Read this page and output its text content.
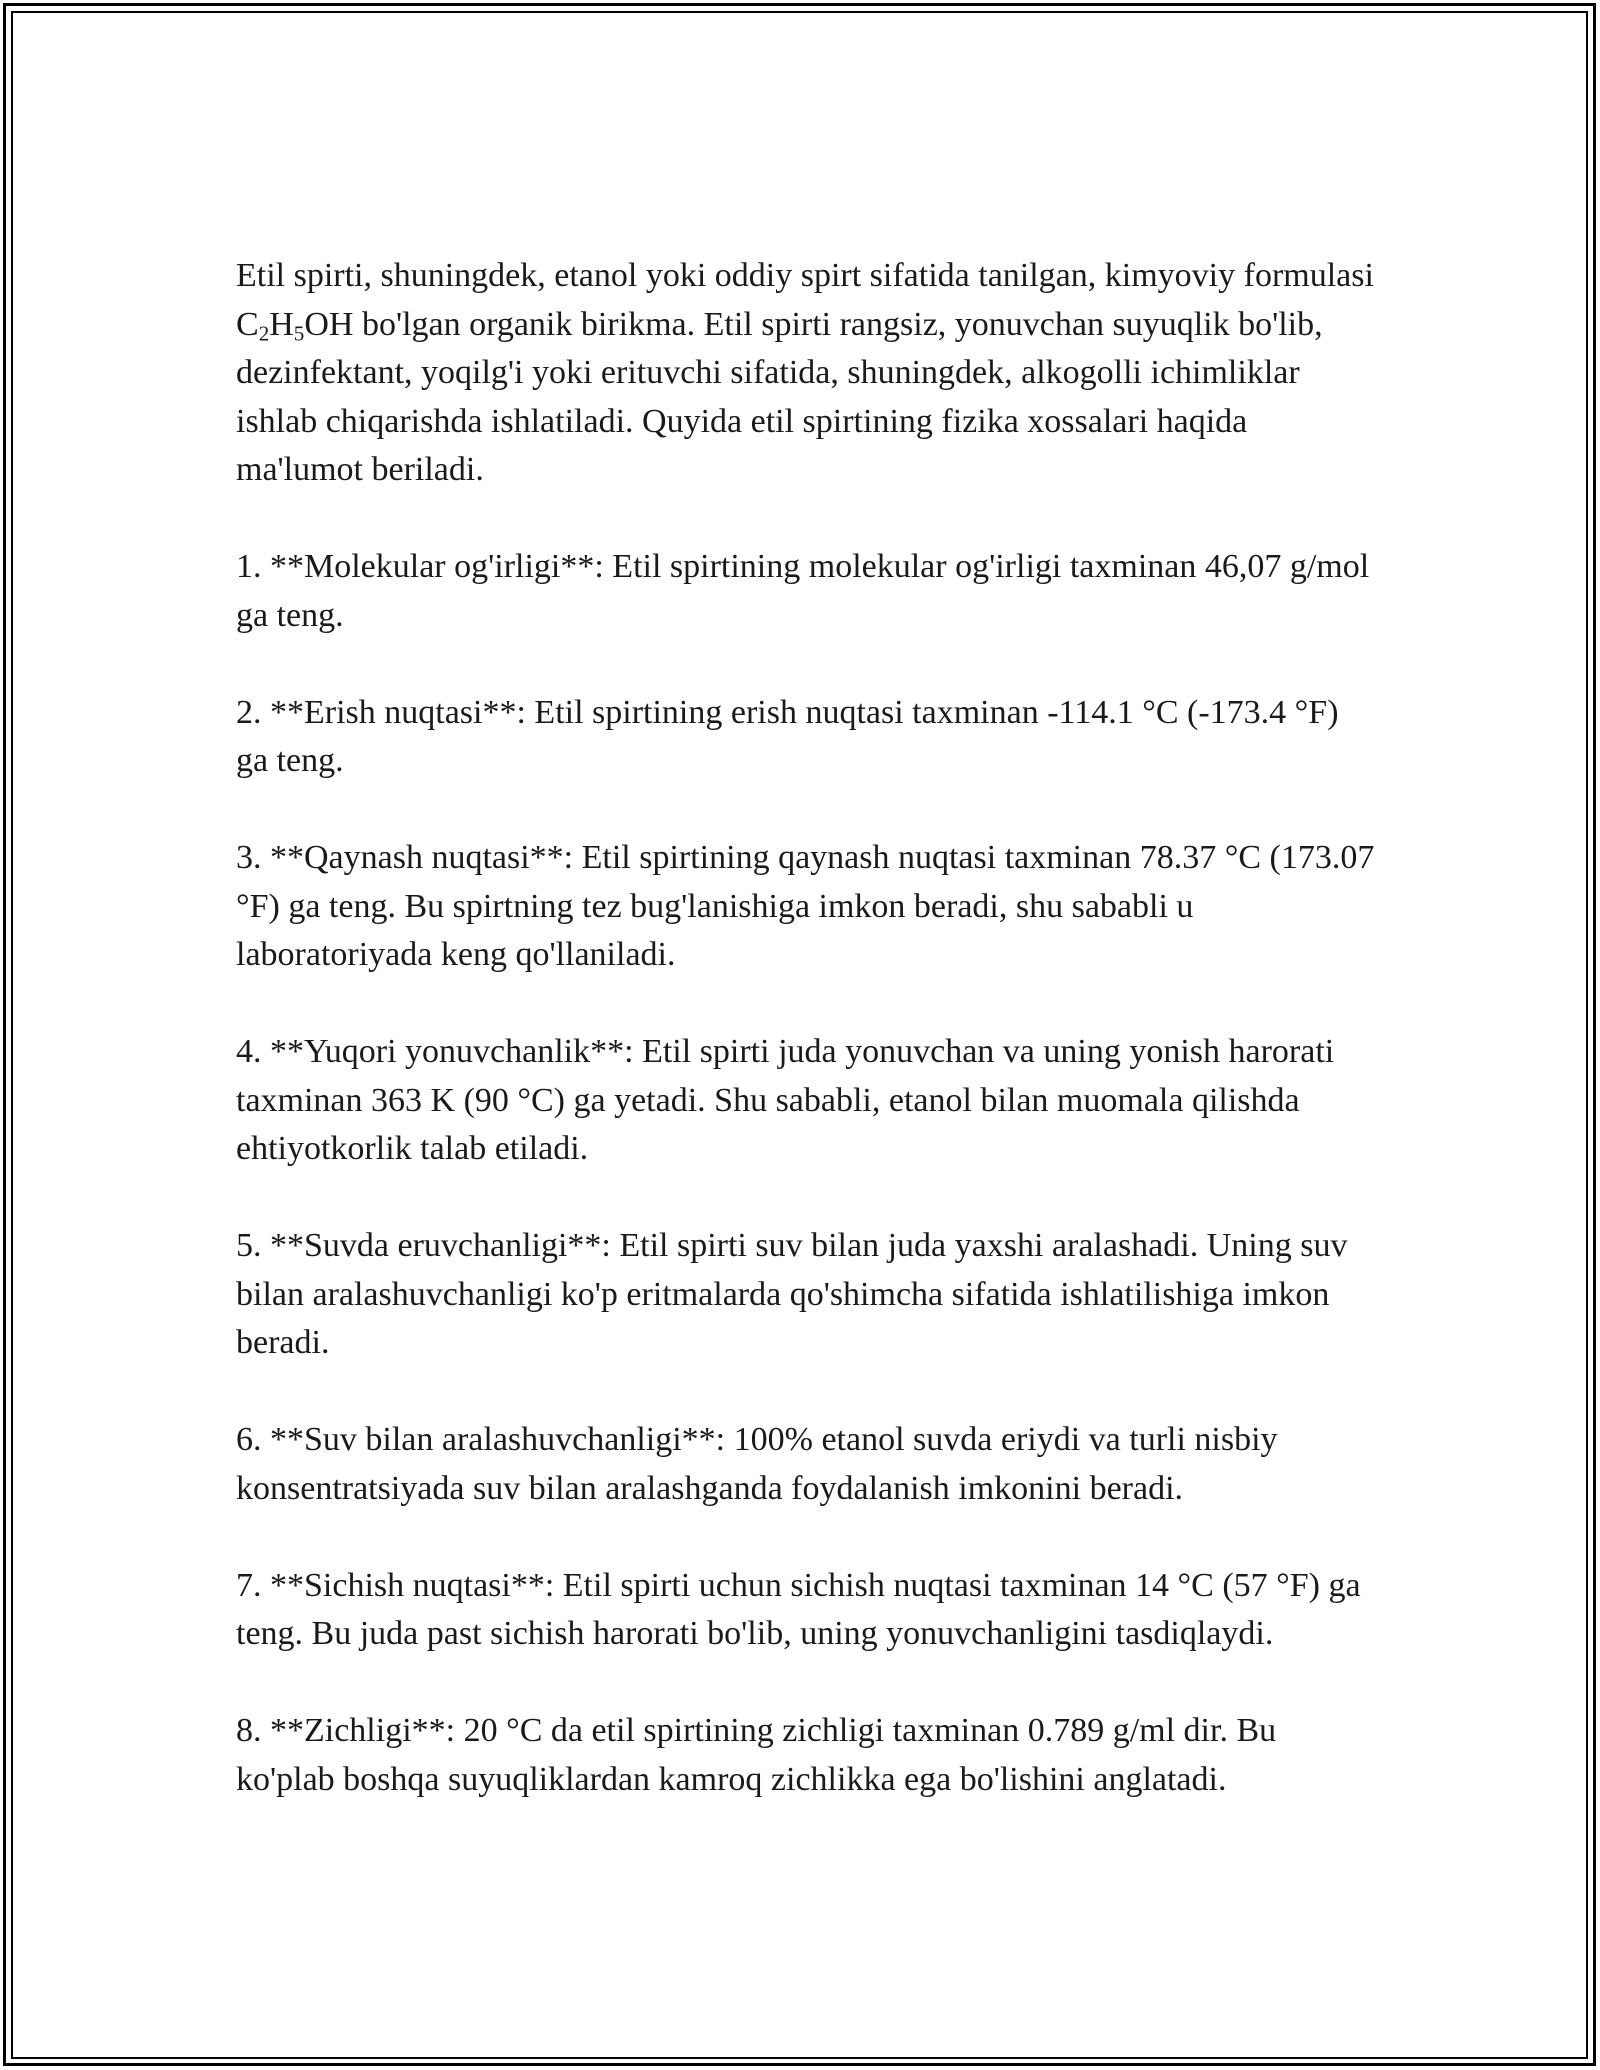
Etil spirti, shuningdek, etanol yoki oddiy spirt sifatida tanilgan, kimyoviy formulasi $C_2H_5OH$ bo'lgan organik birikma. Etil spirti rangsiz, yonuvchan suyuqlik bo'lib, dezinfektant, yoqilg'i yoki erituvchi sifatida, shuningdek, alkogolli ichimliklar ishlab chiqarishda ishlatiladi. Quyida etil spirtining fizika xossalari haqida ma'lumot beriladi.

1. **Molekular og'irligi**: Etil spirtining molekular og'irligi taxminan 46,07 g/mol ga teng.

2. **Erish nuqtasi**: Etil spirtining erish nuqtasi taxminan -114.1 °C (-173.4 °F) ga teng.

3. **Qaynash nuqtasi**: Etil spirtining qaynash nuqtasi taxminan 78.37 °C (173.07 °F) ga teng. Bu spirtning tez bug'lanishiga imkon beradi, shu sababli u laboratoriyada keng qo'llaniladi.

4. **Yuqori yonuvchanlik**: Etil spirti juda yonuvchan va uning yonish harorati taxminan 363 K (90 °C) ga yetadi. Shu sababli, etanol bilan muomala qilishda ehtiyotkorlik talab etiladi.

5. **Suvda eruvchanligi**: Etil spirti suv bilan juda yaxshi aralashadi. Uning suv bilan aralashuvchanligi ko'p eritmalarda qo'shimcha sifatida ishlatilishiga imkon beradi.

6. **Suv bilan aralashuvchanligi**: 100% etanol suvda eriydi va turli nisbiy konsentratsiyada suv bilan aralashganda foydalanish imkonini beradi.

7. **Sichish nuqtasi**: Etil spirti uchun sichish nuqtasi taxminan 14 °C (57 °F) ga teng. Bu juda past sichish harorati bo'lib, uning yonuvchanligini tasdiqlaydi.

8. **Zichligi**: 20 °C da etil spirtining zichligi taxminan 0.789 g/ml dir. Bu ko'plab boshqa suyuqliklardan kamroq zichlikka ega bo'lishini anglatadi.
